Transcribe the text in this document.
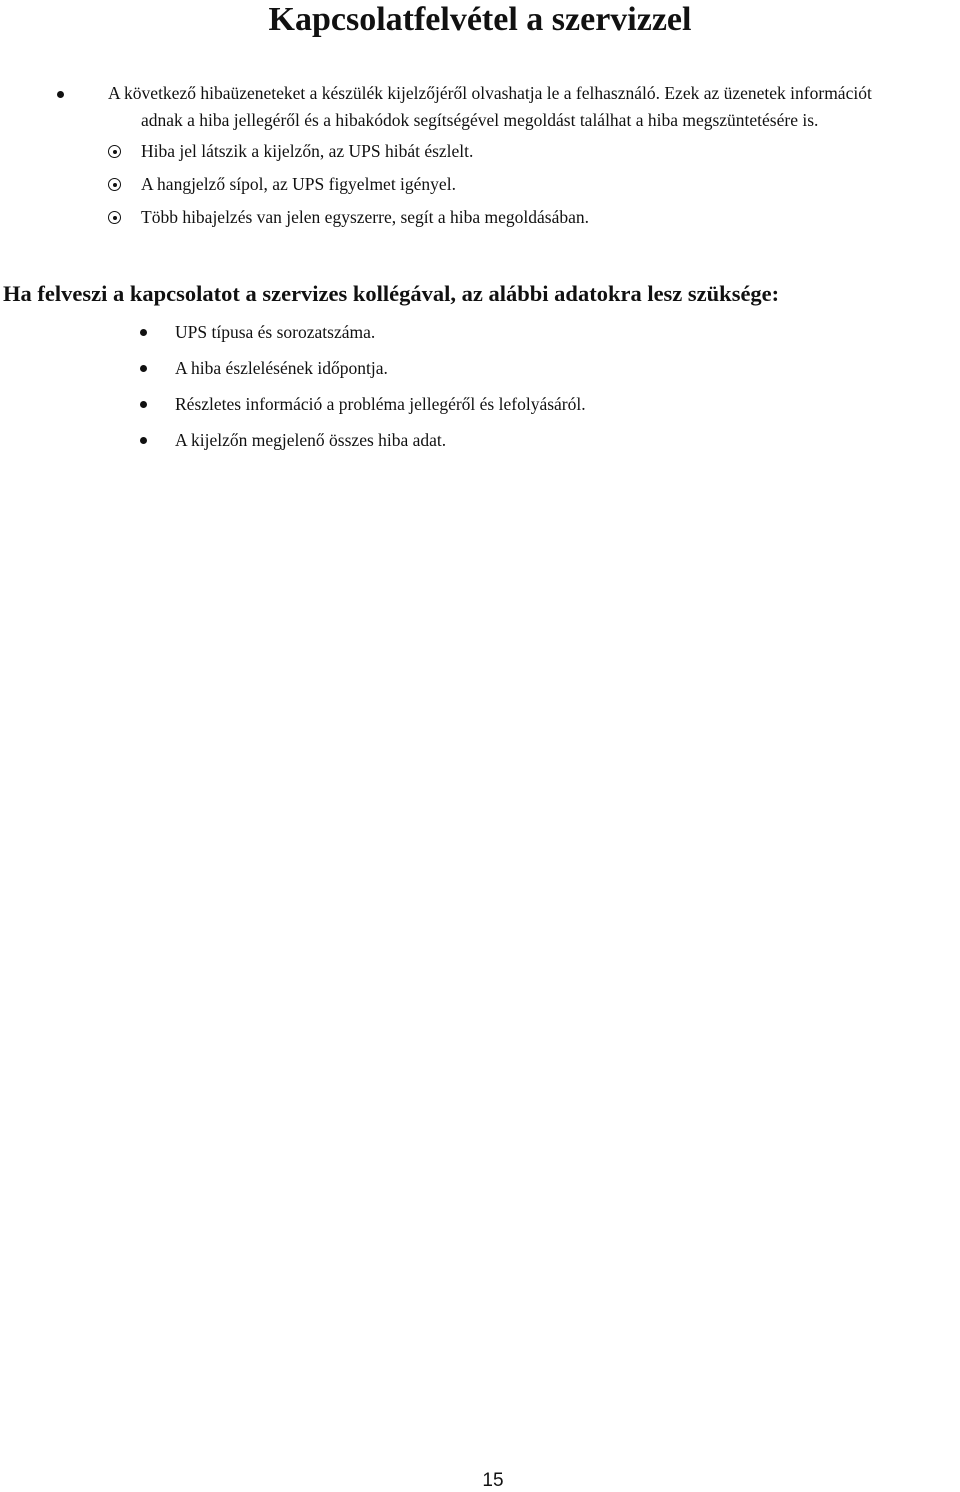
Kapcsolatfelvétel a szervizzel

A következő hibaüzeneteket a készülék kijelzőjéről olvashatja le a felhasználó. Ezek az üzenetek információt
adnak a hiba jellegéről és a hibakódok segítségével megoldást találhat a hiba megszüntetésére is.

Hiba jel látszik a kijelzőn, az UPS hibát észlelt.
A hangjelző sípol, az UPS figyelmet igényel.
Több hibajelzés van jelen egyszerre, segít a hiba megoldásában.
Ha felveszi a kapcsolatot a szervizes kollégával, az alábbi adatokra lesz szüksége:
UPS típusa és sorozatszáma.
A hiba észlelésének időpontja.
Részletes információ a probléma jellegéről és lefolyásáról.
A kijelzőn megjelenő összes hiba adat.
15
